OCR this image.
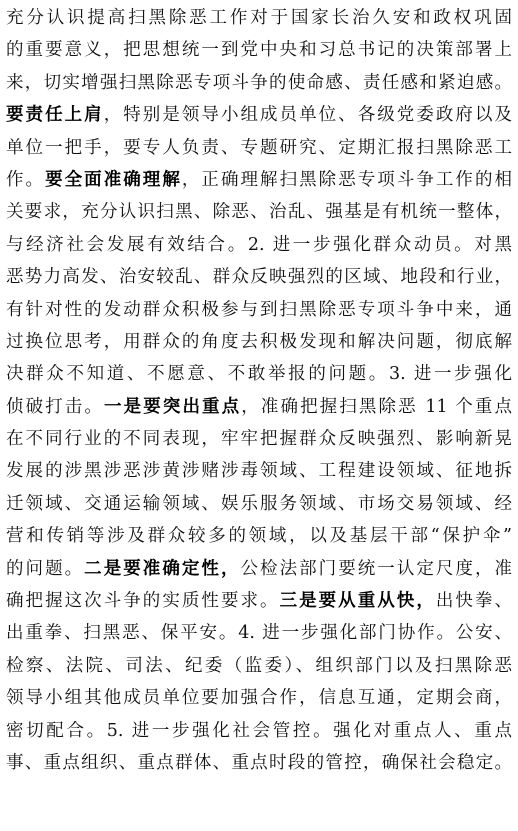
充分认识提高扫黑除恶工作对于国家长治久安和政权巩固
的重要意义，把思想统一到党中央和习总书记的决策部署上
来，切实增强扫黑除恶专项斗争的使命感、责任感和紧迫感。
要责任上肩，特别是领导小组成员单位、各级党委政府以及
单位一把手，要专人负责、专题研究、定期汇报扫黑除恶工
作。要全面准确理解，正确理解扫黑除恶专项斗争工作的相
关要求，充分认识扫黑、除恶、治乱、强基是有机统一整体，
与经济社会发展有效结合。2. 进一步强化群众动员。对黑
恶势力高发、治安较乱、群众反映强烈的区域、地段和行业，
有针对性的发动群众积极参与到扫黑除恶专项斗争中来，通
过换位思考，用群众的角度去积极发现和解决问题，彻底解
决群众不知道、不愿意、不敢举报的问题。3. 进一步强化
侦破打击。一是要突出重点，准确把握扫黑除恶 11 个重点
在不同行业的不同表现，牢牢把握群众反映强烈、影响新晃
发展的涉黑涉恶涉黄涉赌涉毒领域、工程建设领域、征地拆
迁领域、交通运输领域、娱乐服务领域、市场交易领域、经
营和传销等涉及群众较多的领域，以及基层干部“保护伞”
的问题。二是要准确定性，公检法部门要统一认定尺度，准
确把握这次斗争的实质性要求。三是要从重从快，出快拳、
出重拳、扫黑恶、保平安。4. 进一步强化部门协作。公安、
检察、法院、司法、纪委（监委）、组织部门以及扫黑除恶
领导小组其他成员单位要加强合作，信息互通，定期会商，
密切配合。5. 进一步强化社会管控。强化对重点人、重点
事、重点组织、重点群体、重点时段的管控，确保社会稳定。
